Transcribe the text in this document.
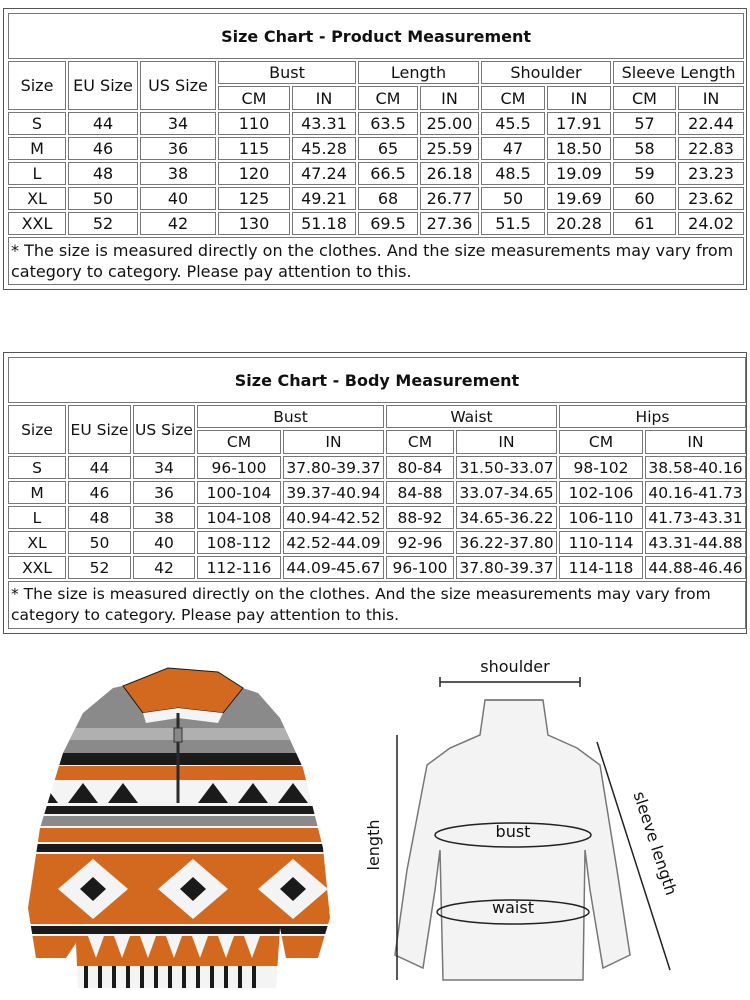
Size Chart - Product Measurement										
Size	EU Size	US Size	Bust		Length		Shoulder		Sleeve Length	
			CM	IN	CM	IN	CM	IN	CM	IN
S	44	34	110	43.31	63.5	25.00	45.5	17.91	57	22.44
M	46	36	115	45.28	65	25.59	47	18.50	58	22.83
L	48	38	120	47.24	66.5	26.18	48.5	19.09	59	23.23
XL	50	40	125	49.21	68	26.77	50	19.69	60	23.62
XXL	52	42	130	51.18	69.5	27.36	51.5	20.28	61	24.02
* The size is measured directly on the clothes. And the size measurements may vary from category to category. Please pay attention to this.										
Size Chart - Body Measurement								
Size	EU Size	US Size	Bust		Waist		Hips	
			CM	IN	CM	IN	CM	IN
S	44	34	96-100	37.80-39.37	80-84	31.50-33.07	98-102	38.58-40.16
M	46	36	100-104	39.37-40.94	84-88	33.07-34.65	102-106	40.16-41.73
L	48	38	104-108	40.94-42.52	88-92	34.65-36.22	106-110	41.73-43.31
XL	50	40	108-112	42.52-44.09	92-96	36.22-37.80	110-114	43.31-44.88
XXL	52	42	112-116	44.09-45.67	96-100	37.80-39.37	114-118	44.88-46.46
* The size is measured directly on the clothes. And the size measurements may vary from category to category. Please pay attention to this.								
shoulder
length	bust
waist
sleeve length
